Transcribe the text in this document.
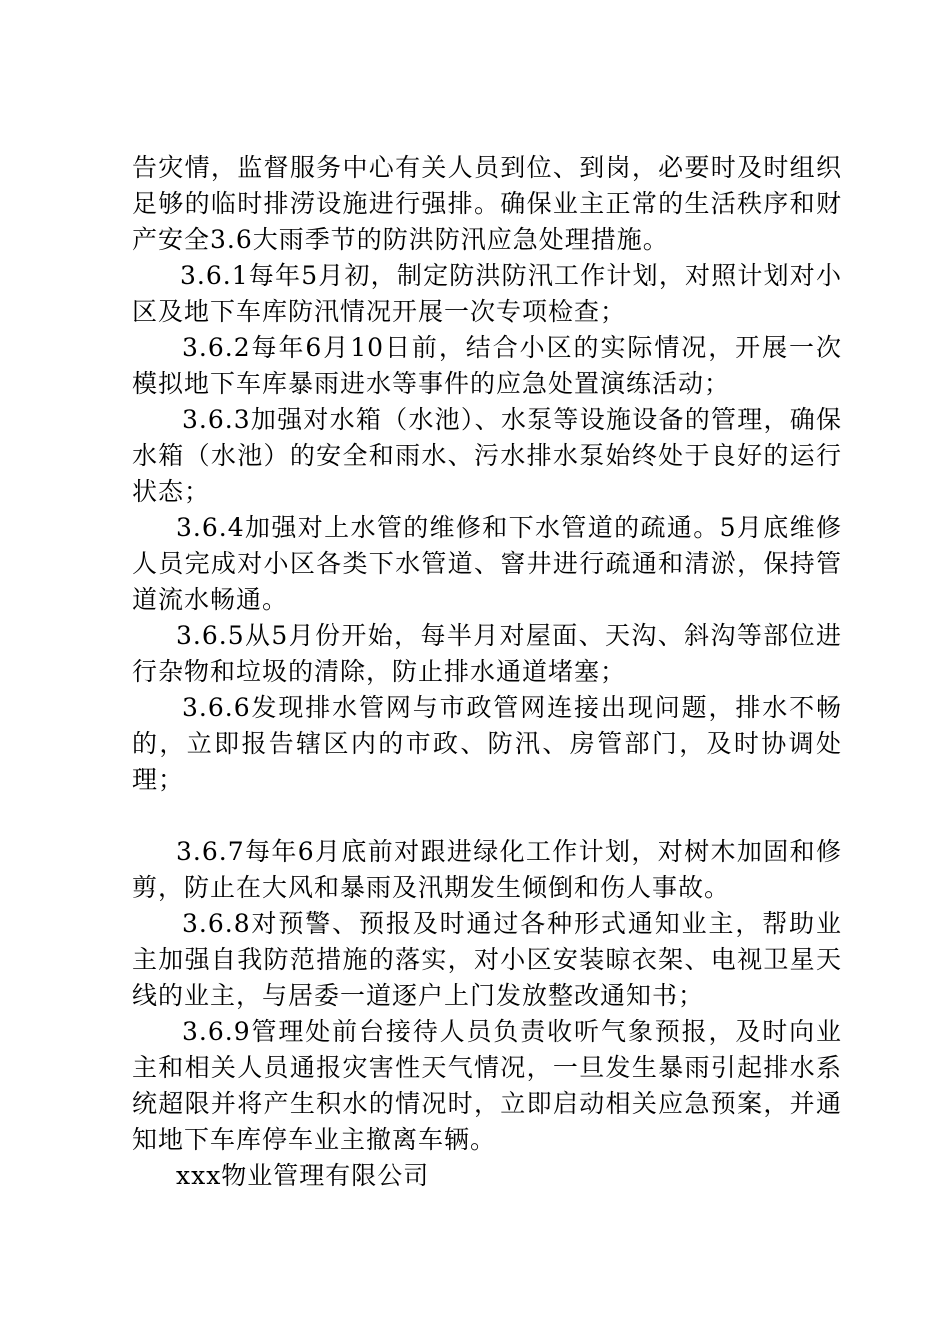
告灾情，监督服务中心有关人员到位、到岗，必要时及时组织足够的临时排涝设施进行强排。确保业主正常的生活秩序和财产安全3.6大雨季节的防洪防汛应急处理措施。

3.6.1每年5月初，制定防洪防汛工作计划，对照计划对小区及地下车库防汛情况开展一次专项检查；

3.6.2每年6月10日前，结合小区的实际情况，开展一次模拟地下车库暴雨进水等事件的应急处置演练活动；

3.6.3加强对水箱（水池）、水泵等设施设备的管理，确保水箱（水池）的安全和雨水、污水排水泵始终处于良好的运行状态；

3.6.4加强对上水管的维修和下水管道的疏通。5月底维修人员完成对小区各类下水管道、窨井进行疏通和清淤，保持管道流水畅通。

3.6.5从5月份开始，每半月对屋面、天沟、斜沟等部位进行杂物和垃圾的清除，防止排水通道堵塞；

3.6.6发现排水管网与市政管网连接出现问题，排水不畅的，立即报告辖区内的市政、防汛、房管部门，及时协调处理；

3.6.7每年6月底前对跟进绿化工作计划，对树木加固和修剪，防止在大风和暴雨及汛期发生倾倒和伤人事故。

3.6.8对预警、预报及时通过各种形式通知业主，帮助业主加强自我防范措施的落实，对小区安装晾衣架、电视卫星天线的业主，与居委一道逐户上门发放整改通知书；

3.6.9管理处前台接待人员负责收听气象预报，及时向业主和相关人员通报灾害性天气情况，一旦发生暴雨引起排水系统超限并将产生积水的情况时，立即启动相关应急预案，并通知地下车库停车业主撤离车辆。

xxx物业管理有限公司
